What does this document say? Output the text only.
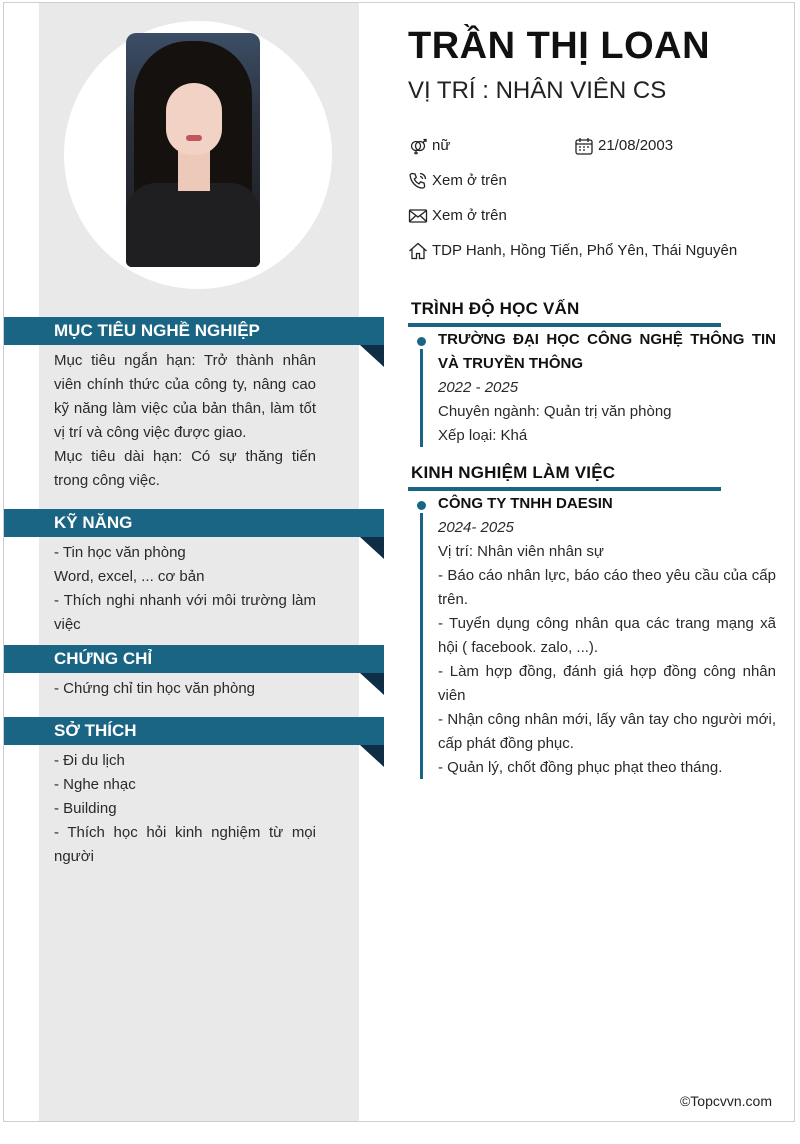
MỤC TIÊU NGHỀ NGHIỆP

Mục tiêu ngắn hạn: Trở thành nhân viên chính thức của công ty, nâng cao kỹ năng làm việc của bản thân, làm tốt vị trí và công việc được giao.

Mục tiêu dài hạn: Có sự thăng tiến trong công việc.

KỸ NĂNG

- Tin học văn phòng

Word, excel, ... cơ bản

- Thích nghi nhanh với môi trường làm việc

CHỨNG CHỈ

- Chứng chỉ tin học văn phòng

SỞ THÍCH

- Đi du lịch

- Nghe nhạc

- Building

- Thích học hỏi kinh nghiệm từ mọi người

TRẦN THỊ LOAN
VỊ TRÍ : NHÂN VIÊN CS
nữ	21/08/2003
Xem ở trên
Xem ở trên
TDP Hanh, Hồng Tiến, Phổ Yên, Thái Nguyên
TRÌNH ĐỘ HỌC VẤN

TRƯỜNG ĐẠI HỌC CÔNG NGHỆ THÔNG TIN VÀ TRUYỀN THÔNG

2022 - 2025

Chuyên ngành: Quản trị văn phòng

Xếp loại: Khá

KINH NGHIỆM LÀM VIỆC

CÔNG TY TNHH DAESIN

2024- 2025

Vị trí: Nhân viên nhân sự

- Báo cáo nhân lực, báo cáo theo yêu cầu của cấp trên.

- Tuyển dụng công nhân qua các trang mạng xã hội ( facebook. zalo, ...).

- Làm hợp đồng, đánh giá hợp đồng công nhân viên

- Nhận công nhân mới, lấy vân tay cho người mới, cấp phát đồng phục.

- Quản lý, chốt đồng phục phạt theo tháng.

©Topcvvn.com
